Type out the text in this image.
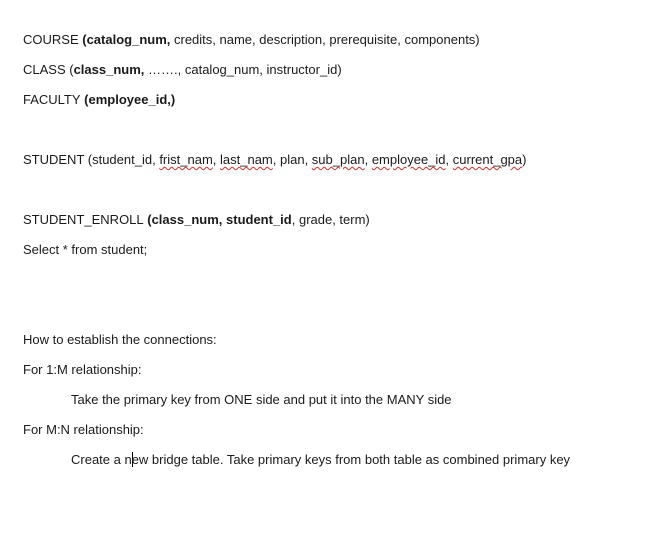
COURSE (catalog_num, credits, name, description, prerequisite, components)
CLASS (class_num, ……., catalog_num, instructor_id)
FACULTY (employee_id,)
STUDENT (student_id, frist_nam, last_nam, plan, sub_plan, employee_id, current_gpa)
STUDENT_ENROLL (class_num, student_id, grade, term)
Select * from student;
How to establish the connections:
For 1:M relationship:
Take the primary key from ONE side and put it into the MANY side
For M:N relationship:
Create a new bridge table. Take primary keys from both table as combined primary key
